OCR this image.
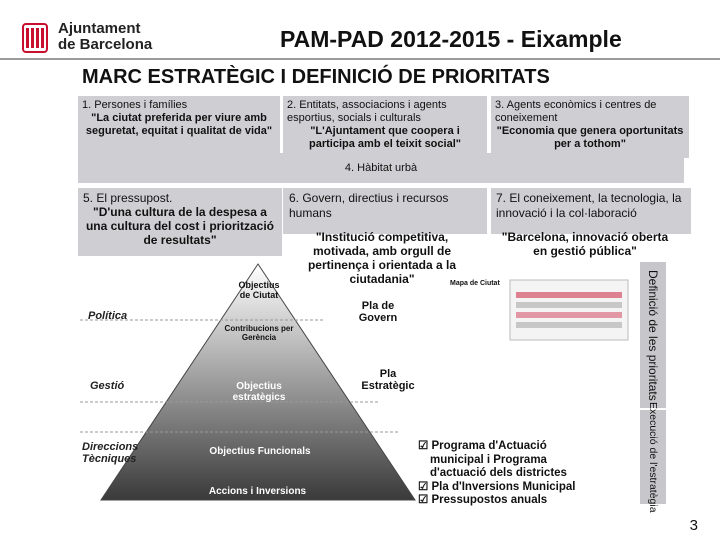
Ajuntament
de Barcelona	PAM-PAD 2012-2015 - Eixample
MARC ESTRATÈGIC I DEFINICIÓ DE PRIORITATS
1. Persones i famílies
"La ciutat preferida per viure amb seguretat, equitat i qualitat de vida"
2. Entitats, associacions i agents esportius, socials i culturals
"L'Ajuntament que coopera i participa amb el teixit social"
3. Agents econòmics i centres de coneixement
"Economia que genera oportunitats per a tothom"
4. Hàbitat urbà
5. El pressupost.
"D'una cultura de la despesa a una cultura del cost i priorització de resultats"
6. Govern, directius i recursos humans
"Institució competitiva, motivada, amb orgull de pertinença i orientada a la ciutadania"
7. El coneixement, la tecnologia, la innovació i la col·laboració
"Barcelona, innovació oberta en gestió pública"
Objectius de Ciutat
Contribucions per Gerència
Objectius estratègics
Objectius Funcionals
Accions i Inversions
Política
Gestió
Direccions Tècniques
Pla de Govern
Pla Estratègic
Mapa de Ciutat
☑ Programa d'Actuació
municipal i Programa
d'actuació dels districtes
☑ Pla d'Inversions Municipal
☑ Pressupostos anuals
Definició de les prioritats
Execució de l'estratègia
3
